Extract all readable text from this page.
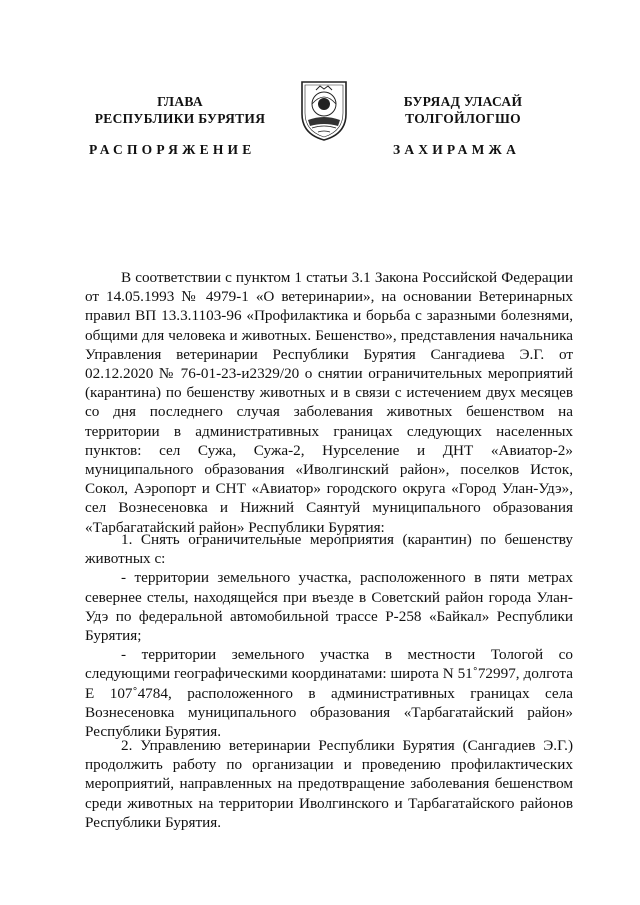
ГЛАВА
РЕСПУБЛИКИ БУРЯТИЯ
БУРЯАД УЛАСАЙ
ТОЛГОЙЛОГШО
РАСПОРЯЖЕНИЕ	ЗАХИРАМЖА

В соответствии с пунктом 1 статьи 3.1 Закона Российской Федерации от 14.05.1993 № 4979-1 «О ветеринарии», на основании Ветеринарных правил ВП 13.3.1103-96 «Профилактика и борьба с заразными болезнями, общими для человека и животных. Бешенство», представления начальника Управления ветеринарии Республики Бурятия Сангадиева Э.Г. от 02.12.2020 № 76-01-23-и2329/20 о снятии ограничительных мероприятий (карантина) по бешенству животных и в связи с истечением двух месяцев со дня последнего случая заболевания животных бешенством на территории в административных границах следующих населенных пунктов: сел Сужа, Сужа-2, Нурселение и ДНТ «Авиатор-2» муниципального образования «Иволгинский район», поселков Исток, Сокол, Аэропорт и СНТ «Авиатор» городского округа «Город Улан-Удэ», сел Вознесеновка и Нижний Саянтуй муниципального образования «Тарбагатайский район» Республики Бурятия:

1. Снять ограничительные мероприятия (карантин) по бешенству животных с:

- территории земельного участка, расположенного в пяти метрах севернее стелы, находящейся при въезде в Советский район города Улан-Удэ по федеральной автомобильной трассе Р-258 «Байкал» Республики Бурятия;

- территории земельного участка в местности Тологой со следующими географическими координатами: широта N 51˚72997, долгота E 107˚4784, расположенного в административных границах села Вознесеновка муниципального образования «Тарбагатайский район» Республики Бурятия.

2. Управлению ветеринарии Республики Бурятия (Сангадиев Э.Г.) продолжить работу по организации и проведению профилактических мероприятий, направленных на предотвращение заболевания бешенством среди животных на территории Иволгинского и Тарбагатайского районов Республики Бурятия.
